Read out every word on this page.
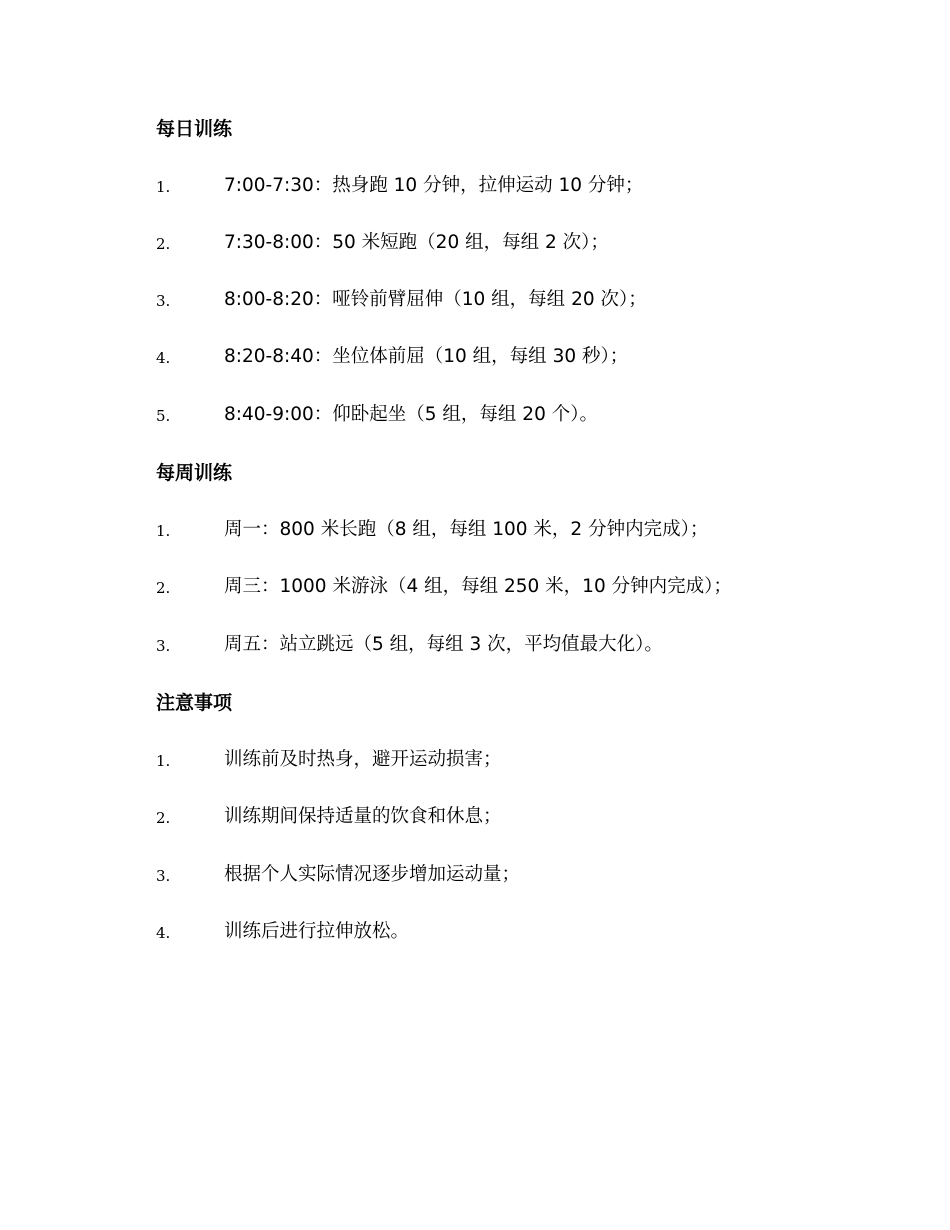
每日训练
1.	7:00-7:30：热身跑 10 分钟，拉伸运动 10 分钟；
2.	7:30-8:00：50 米短跑（20 组，每组 2 次）；
3.	8:00-8:20：哑铃前臂屈伸（10 组，每组 20 次）；
4.	8:20-8:40：坐位体前屈（10 组，每组 30 秒）；
5.	8:40-9:00：仰卧起坐（5 组，每组 20 个）。
每周训练
1.	周一：800 米长跑（8 组，每组 100 米，2 分钟内完成）；
2.	周三：1000 米游泳（4 组，每组 250 米，10 分钟内完成）；
3.	周五：站立跳远（5 组，每组 3 次，平均值最大化）。
注意事项
1.	训练前及时热身，避开运动损害；
2.	训练期间保持适量的饮食和休息；
3.	根据个人实际情况逐步增加运动量；
4.	训练后进行拉伸放松。
